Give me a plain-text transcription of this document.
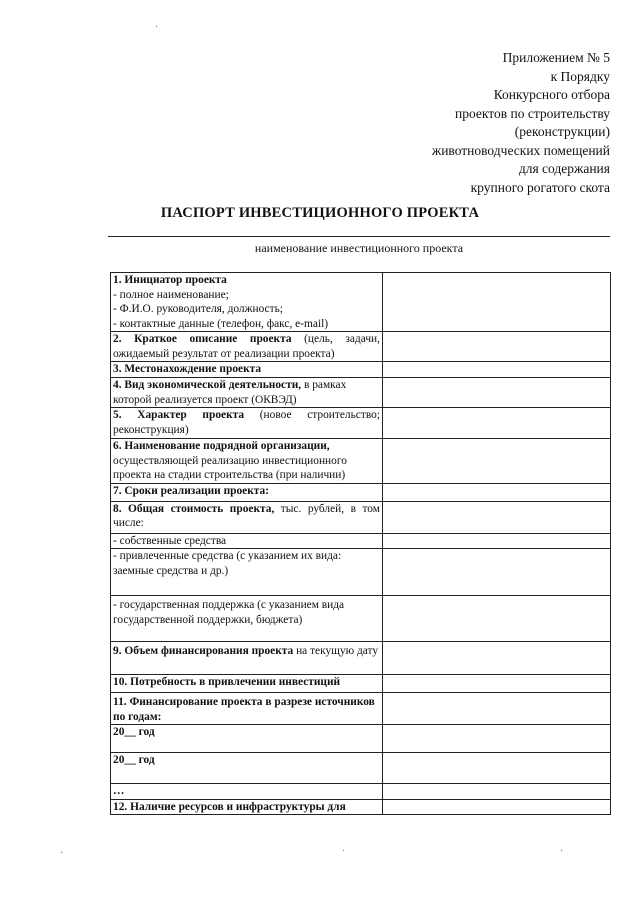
·
Приложением № 5
к Порядку
Конкурсного отбора
проектов по строительству
(реконструкции)
животноводческих помещений
для содержания
крупного рогатого скота
ПАСПОРТ ИНВЕСТИЦИОННОГО ПРОЕКТА
наименование инвестиционного проекта
1. Инициатор проекта
- полное наименование;
- Ф.И.О. руководителя, должность;
- контактные данные (телефон, факс, e-mail)	

2. Краткое описание проекта (цель, задачи, ожидаемый результат от реализации проекта)	
3. Местонахождение проекта	
4. Вид экономической деятельности, в рамках которой реализуется проект (ОКВЭД)	
5. Характер проекта (новое строительство; реконструкция)	
6. Наименование подрядной организации, осуществляющей реализацию инвестиционного проекта на стадии строительства (при наличии)	
7. Сроки реализации проекта:	
8. Общая стоимость проекта, тыс. рублей, в том числе:	
- собственные средства	
- привлеченные средства (с указанием их вида: заемные средства и др.)	
- государственная поддержка (с указанием вида государственной поддержки, бюджета)	
9. Объем финансирования проекта на текущую дату	
10. Потребность в привлечении инвестиций	
11. Финансирование проекта в разрезе источников по годам:	
20__ год	
20__ год	
…	
12. Наличие ресурсов и инфраструктуры для	
·	·	·
